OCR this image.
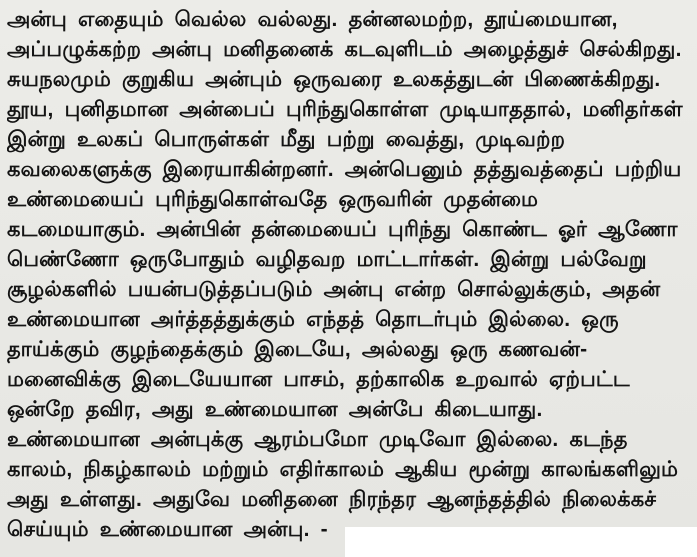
அன்பு எதையும் வெல்ல வல்லது. தன்னலமற்ற, தூய்மையான,
அப்பழுக்கற்ற அன்பு மனிதனைக் கடவுளிடம் அழைத்துச் செல்கிறது.
சுயநலமும் குறுகிய அன்பும் ஒருவரை உலகத்துடன் பிணைக்கிறது.
தூய, புனிதமான அன்பைப் புரிந்துகொள்ள முடியாததால், மனிதர்கள்
இன்று உலகப் பொருள்கள் மீது பற்று வைத்து, முடிவற்ற
கவலைகளுக்கு இரையாகின்றனர். அன்பெனும் தத்துவத்தைப் பற்றிய
உண்மையைப் புரிந்துகொள்வதே ஒருவரின் முதன்மை
கடமையாகும். அன்பின் தன்மையைப் புரிந்து கொண்ட ஓர் ஆணோ
பெண்ணோ ஒருபோதும் வழிதவற மாட்டார்கள். இன்று பல்வேறு
சூழல்களில் பயன்படுத்தப்படும் அன்பு என்ற சொல்லுக்கும், அதன்
உண்மையான அர்த்தத்துக்கும் எந்தத் தொடர்பும் இல்லை. ஒரு
தாய்க்கும் குழந்தைக்கும் இடையே, அல்லது ஒரு கணவன்-
மனைவிக்கு இடையேயான பாசம், தற்காலிக உறவால் ஏற்பட்ட
ஒன்றே தவிர, அது உண்மையான அன்பே கிடையாது.
உண்மையான அன்புக்கு ஆரம்பமோ முடிவோ இல்லை. கடந்த
காலம், நிகழ்காலம் மற்றும் எதிர்காலம் ஆகிய மூன்று காலங்களிலும்
அது உள்ளது. அதுவே மனிதனை நிரந்தர ஆனந்தத்தில் நிலைக்கச்
செய்யும் உண்மையான அன்பு. -
